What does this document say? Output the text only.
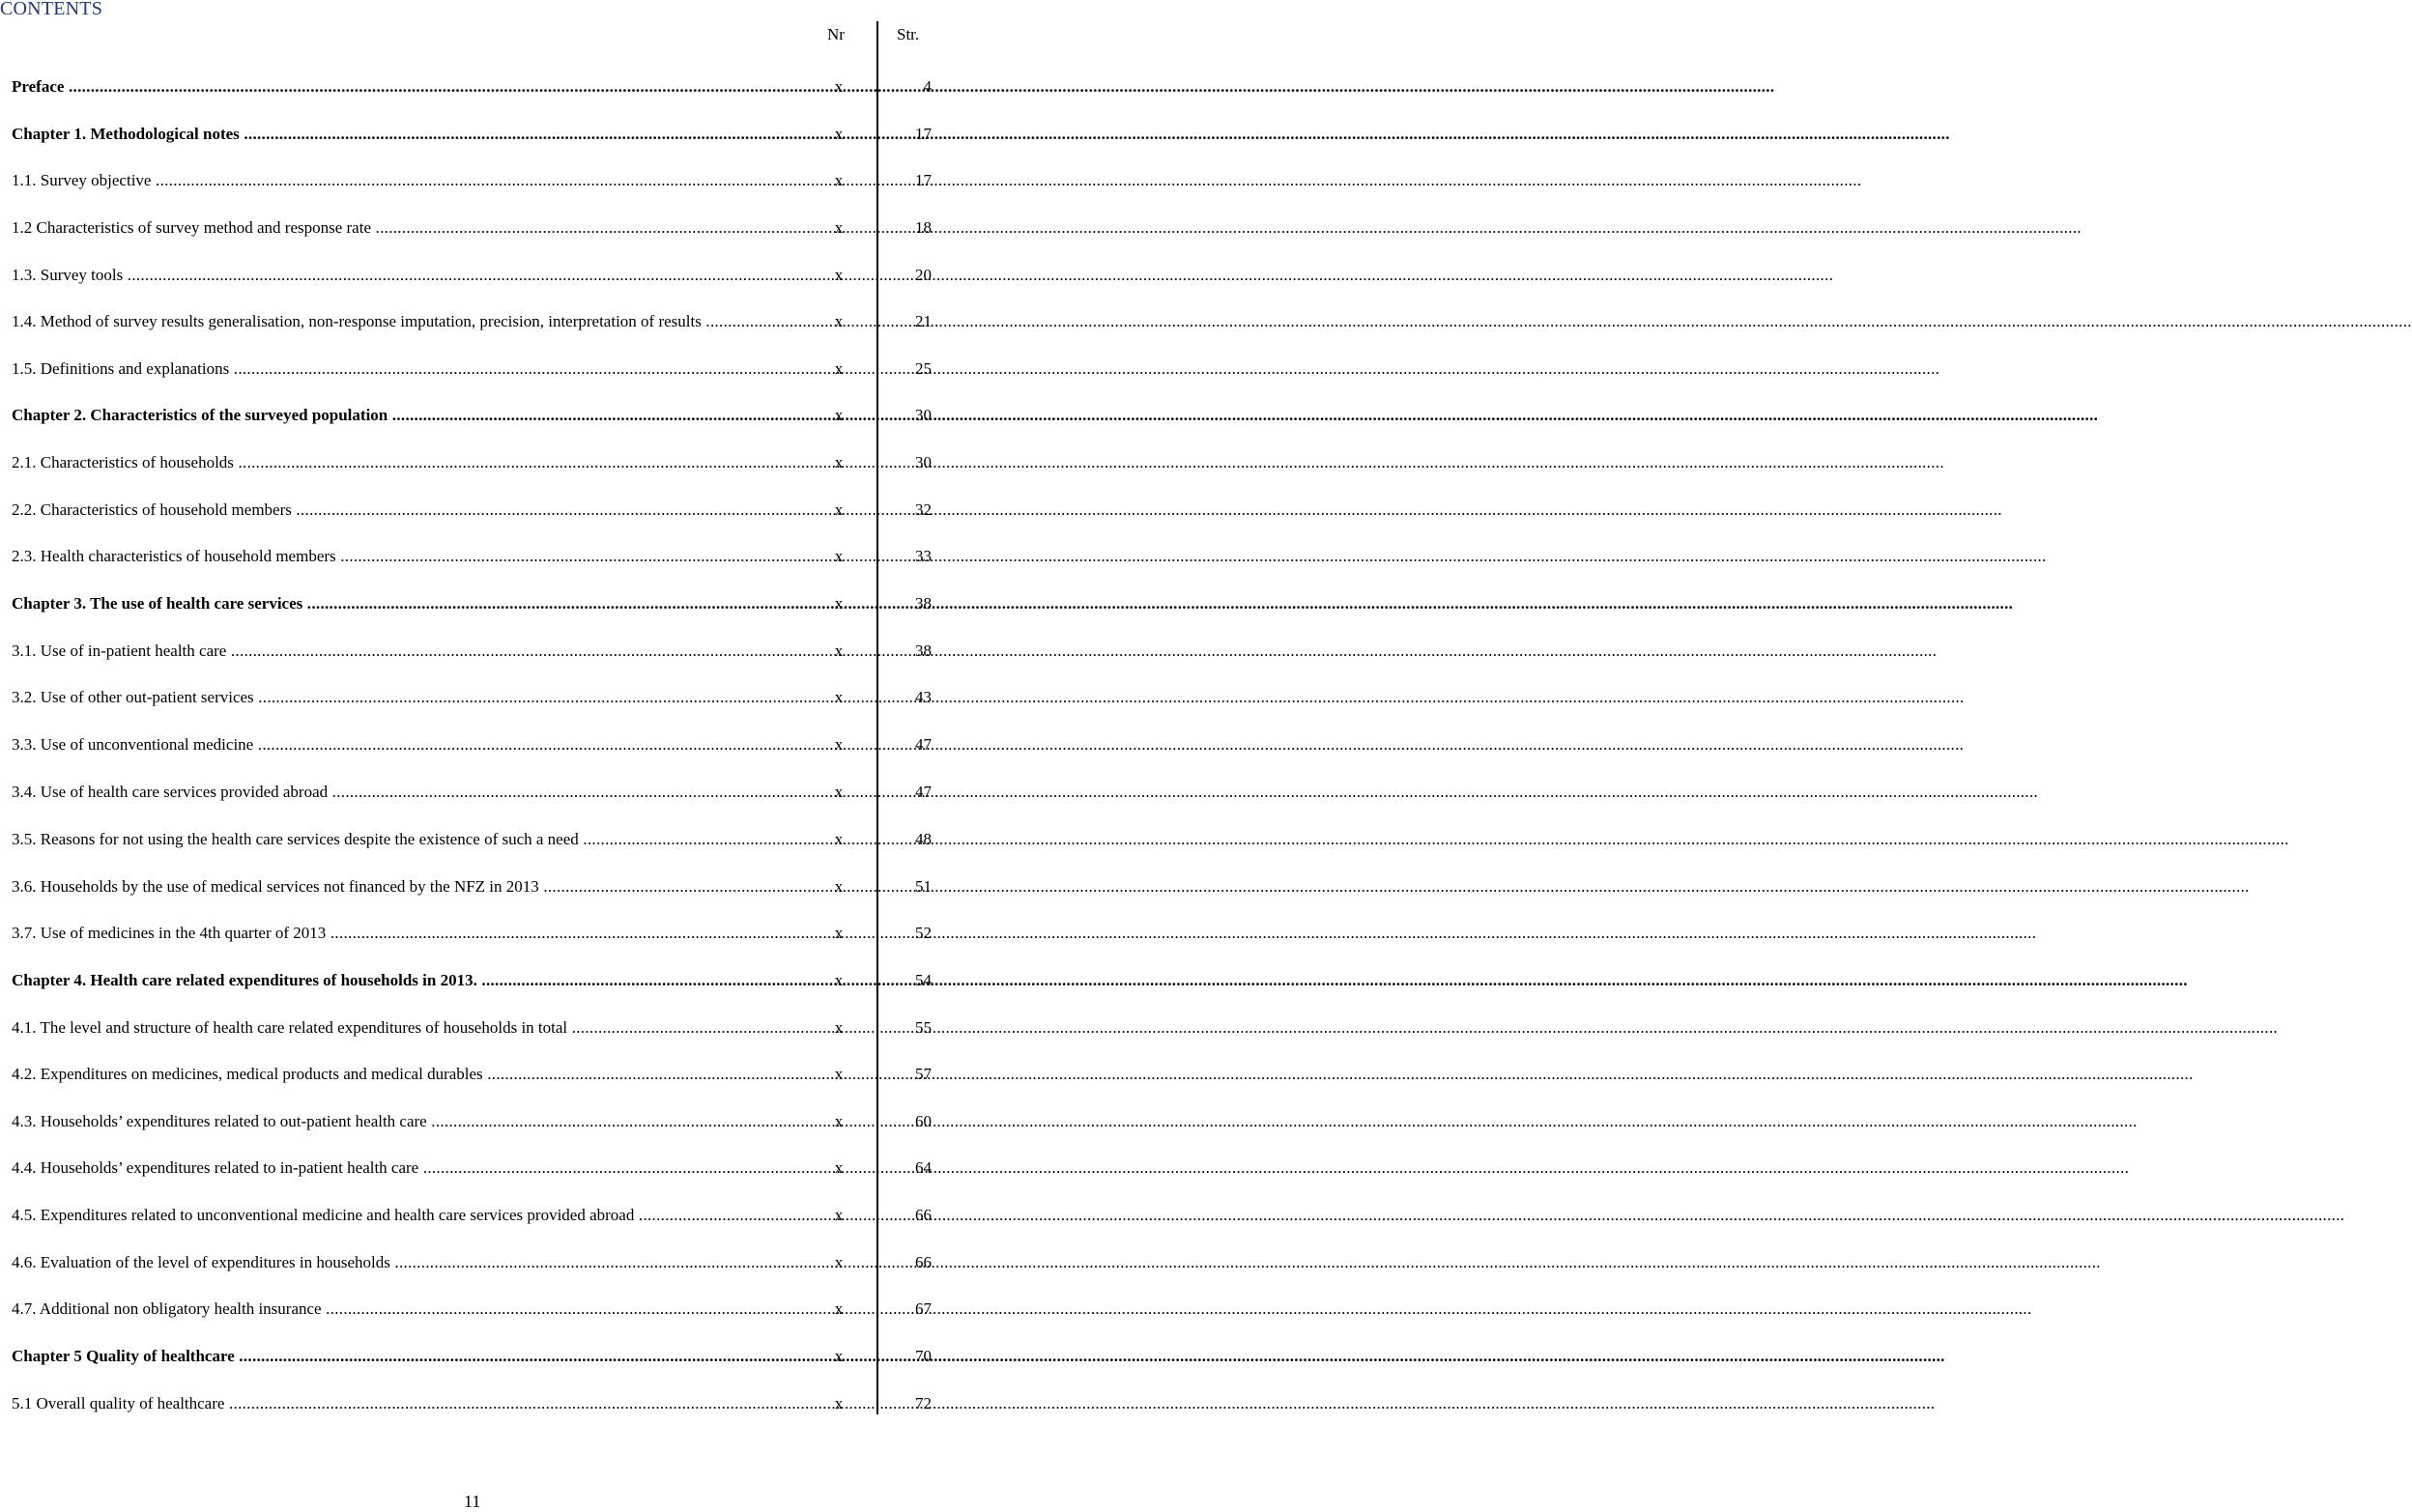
CONTENTS
Nr	Str.
Preface .....	x	4
Chapter 1. Methodological notes .....	x	17
1.1. Survey objective .....	x	17
1.2 Characteristics of survey method and response rate .....	x	18
1.3. Survey tools .....	x	20
1.4. Method of survey results generalisation, non-response imputation, precision, interpretation of results .....	x	21
1.5. Definitions and explanations .....	x	25
Chapter 2. Characteristics of the surveyed population .....	x	30
2.1. Characteristics of households .....	x	30
2.2. Characteristics of household members .....	x	32
2.3. Health characteristics of household members .....	x	33
Chapter 3. The use of health care services .....	x	38
3.1. Use of in-patient health care .....	x	38
3.2. Use of other out-patient services .....	x	43
3.3. Use of unconventional medicine .....	x	47
3.4. Use of health care services provided abroad .....	x	47
3.5. Reasons for not using the health care services despite the existence of such a need .....	x	48
3.6. Households by the use of medical services not financed by the NFZ in 2013 .....	x	51
3.7. Use of medicines in the 4th quarter of 2013 .....	x	52
Chapter 4. Health care related expenditures of households in 2013. .....	x	54
4.1. The level and structure of health care related expenditures of households in total .....	x	55
4.2. Expenditures on medicines, medical products and medical durables .....	x	57
4.3. Households’ expenditures related to out-patient health care .....	x	60
4.4. Households’ expenditures related to in-patient health care .....	x	64
4.5. Expenditures related to unconventional medicine and health care services provided abroad .....	x	66
4.6. Evaluation of the level of expenditures in households .....	x	66
4.7. Additional non obligatory health insurance .....	x	67
Chapter 5 Quality of healthcare .....	x	70
5.1 Overall quality of healthcare .....	x	72
11
